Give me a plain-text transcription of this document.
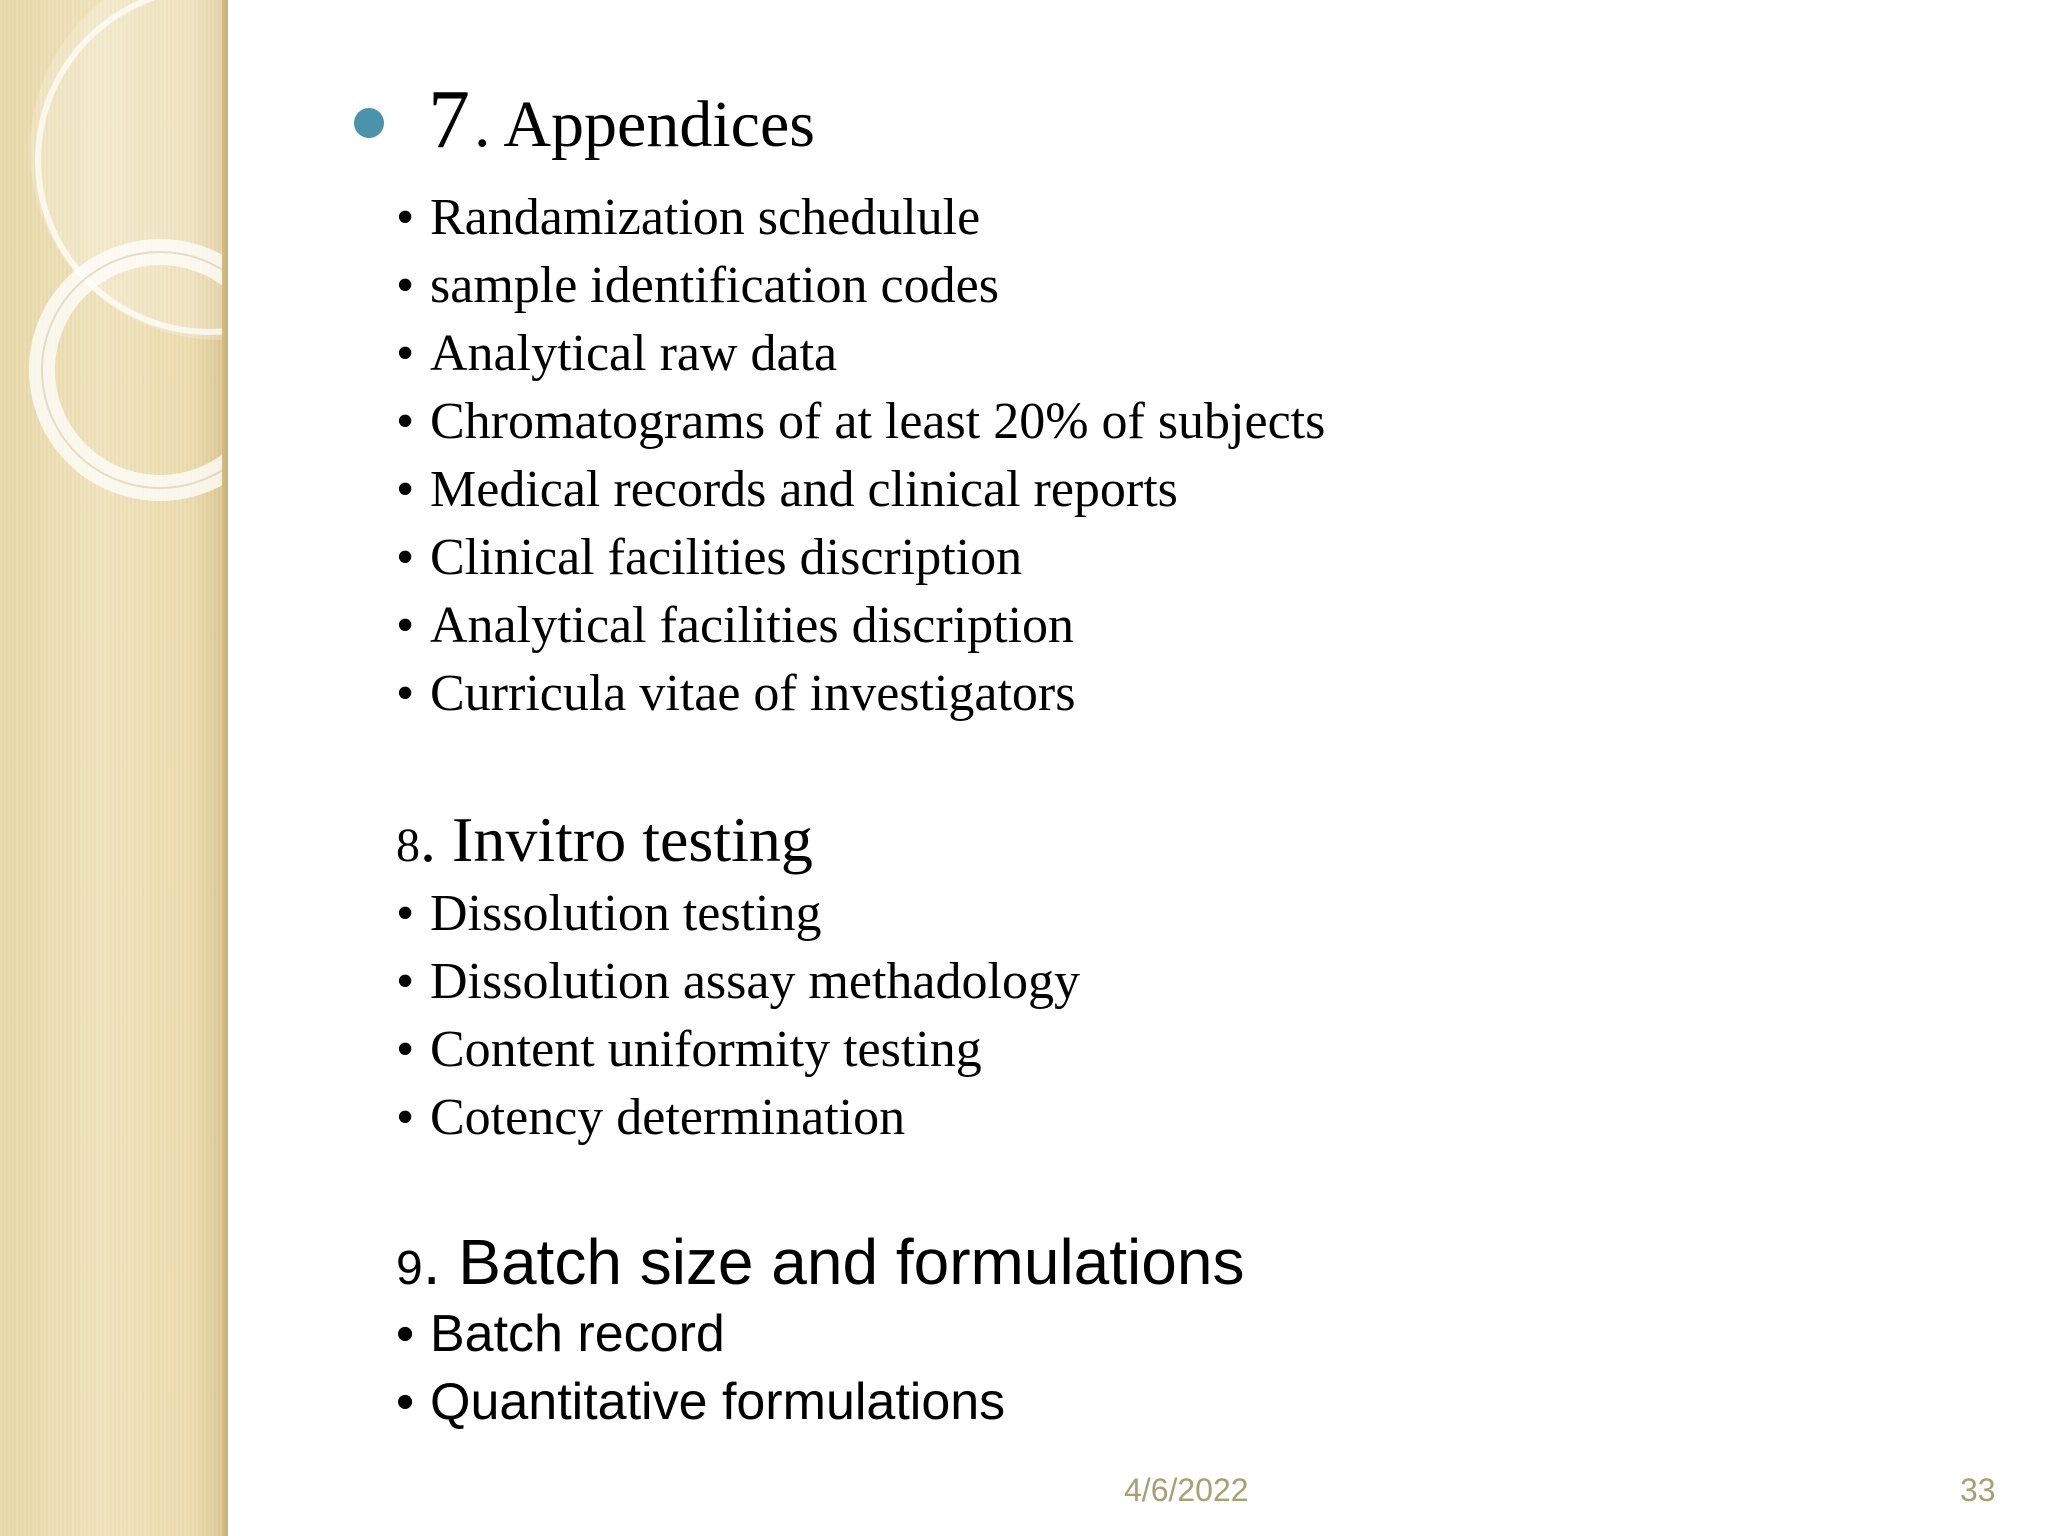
7 . Appendices
• Randamization schedulule
• sample identification codes
• Analytical raw data
• Chromatograms of at least 20% of subjects
• Medical records and clinical reports
• Clinical facilities discription
• Analytical facilities discription
• Curricula vitae of investigators
8. Invitro testing
• Dissolution testing
• Dissolution assay methadology
• Content uniformity testing
• Cotency determination
9. Batch size and formulations
• Batch record
• Quantitative formulations
4/6/2022	33
